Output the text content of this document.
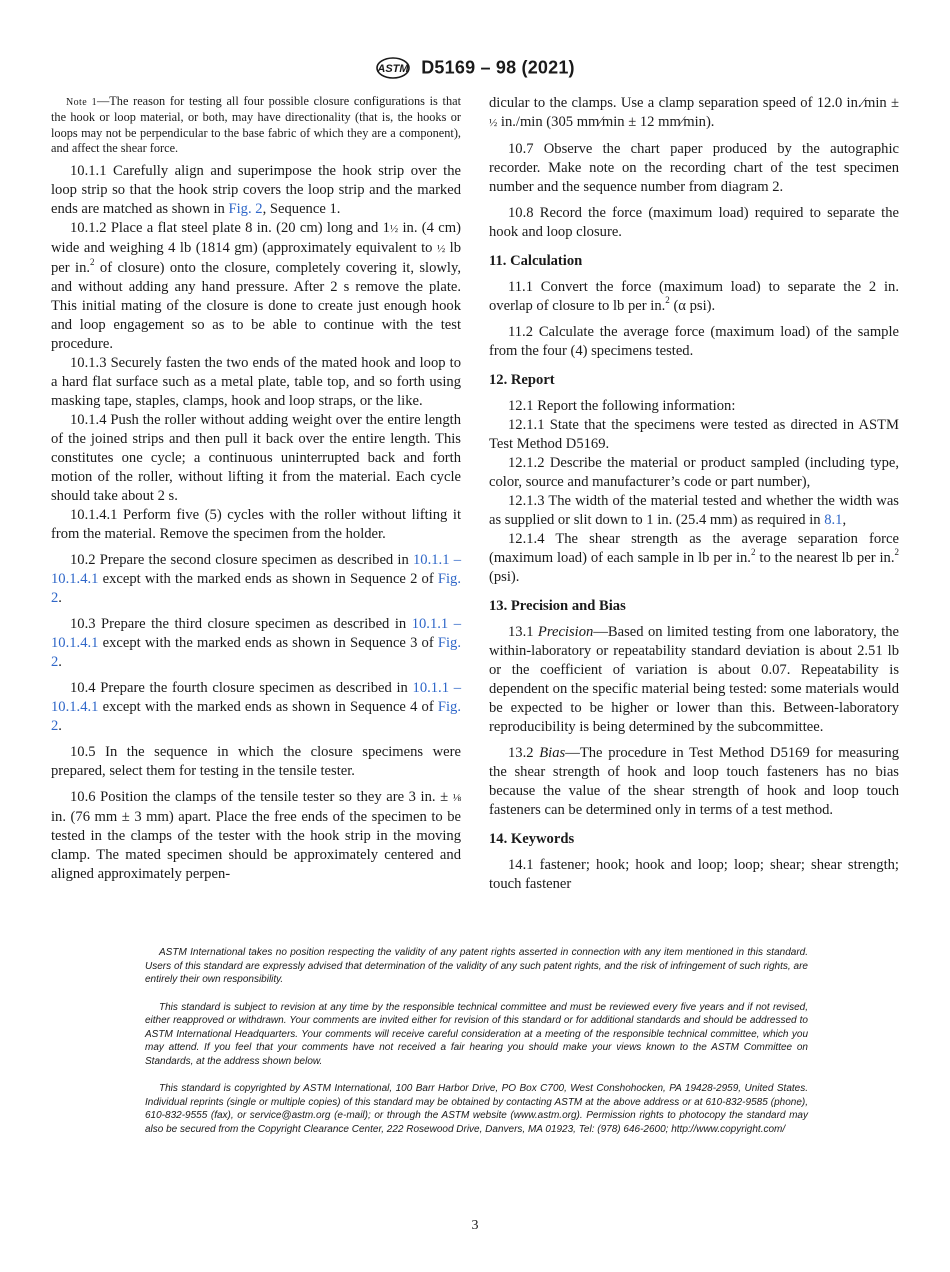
ASTM D5169 – 98 (2021)

Note 1—The reason for testing all four possible closure configurations is that the hook or loop material, or both, may have directionality (that is, the hooks or loops may not be perpendicular to the base fabric of which they are a component), and affect the shear force.

10.1.1 Carefully align and superimpose the hook strip over the loop strip so that the hook strip covers the loop strip and the marked ends are matched as shown in Fig. 2, Sequence 1.

10.1.2 Place a flat steel plate 8 in. (20 cm) long and 1½ in. (4 cm) wide and weighing 4 lb (1814 gm) (approximately equivalent to ½ lb per in.$^2$ of closure) onto the closure, completely covering it, slowly, and without adding any hand pressure. After 2 s remove the plate. This initial mating of the closure is done to create just enough hook and loop engagement so as to be able to continue with the test procedure.

10.1.3 Securely fasten the two ends of the mated hook and loop to a hard flat surface such as a metal plate, table top, and so forth using masking tape, staples, clamps, hook and loop straps, or the like.

10.1.4 Push the roller without adding weight over the entire length of the joined strips and then pull it back over the entire length. This constitutes one cycle; a continuous uninterrupted back and forth motion of the roller, without lifting it from the material. Each cycle should take about 2 s.

10.1.4.1 Perform five (5) cycles with the roller without lifting it from the material. Remove the specimen from the holder.

10.2 Prepare the second closure specimen as described in 10.1.1 – 10.1.4.1 except with the marked ends as shown in Sequence 2 of Fig. 2.

10.3 Prepare the third closure specimen as described in 10.1.1 – 10.1.4.1 except with the marked ends as shown in Sequence 3 of Fig. 2.

10.4 Prepare the fourth closure specimen as described in 10.1.1 – 10.1.4.1 except with the marked ends as shown in Sequence 4 of Fig. 2.

10.5 In the sequence in which the closure specimens were prepared, select them for testing in the tensile tester.

10.6 Position the clamps of the tensile tester so they are 3 in. ± ⅛ in. (76 mm ± 3 mm) apart. Place the free ends of the specimen to be tested in the clamps of the tester with the hook strip in the moving clamp. The mated specimen should be approximately centered and aligned approximately perpen-

dicular to the clamps. Use a clamp separation speed of 12.0 in.⁄min ± ½ in./min (305 mm⁄min ± 12 mm⁄min).

10.7 Observe the chart paper produced by the autographic recorder. Make note on the recording chart of the test specimen number and the sequence number from diagram 2.

10.8 Record the force (maximum load) required to separate the hook and loop closure.

11. Calculation

11.1 Convert the force (maximum load) to separate the 2 in. overlap of closure to lb per in.$^2$ (α psi).

11.2 Calculate the average force (maximum load) of the sample from the four (4) specimens tested.

12. Report

12.1 Report the following information:

12.1.1 State that the specimens were tested as directed in ASTM Test Method D5169.

12.1.2 Describe the material or product sampled (including type, color, source and manufacturer’s code or part number),

12.1.3 The width of the material tested and whether the width was as supplied or slit down to 1 in. (25.4 mm) as required in 8.1,

12.1.4 The shear strength as the average separation force (maximum load) of each sample in lb per in.$^2$ to the nearest lb per in.$^2$ (psi).

13. Precision and Bias

13.1 Precision—Based on limited testing from one laboratory, the within-laboratory or repeatability standard deviation is about 2.51 lb or the coefficient of variation is about 0.07. Repeatability is dependent on the specific material being tested: some materials would be expected to be higher or lower than this. Between-laboratory reproducibility is being determined by the subcommittee.

13.2 Bias—The procedure in Test Method D5169 for measuring the shear strength of hook and loop touch fasteners has no bias because the value of the shear strength of hook and loop touch fasteners can be determined only in terms of a test method.

14. Keywords

14.1 fastener; hook; hook and loop; loop; shear; shear strength; touch fastener

ASTM International takes no position respecting the validity of any patent rights asserted in connection with any item mentioned in this standard. Users of this standard are expressly advised that determination of the validity of any such patent rights, and the risk of infringement of such rights, are entirely their own responsibility.

This standard is subject to revision at any time by the responsible technical committee and must be reviewed every five years and if not revised, either reapproved or withdrawn. Your comments are invited either for revision of this standard or for additional standards and should be addressed to ASTM International Headquarters. Your comments will receive careful consideration at a meeting of the responsible technical committee, which you may attend. If you feel that your comments have not received a fair hearing you should make your views known to the ASTM Committee on Standards, at the address shown below.

This standard is copyrighted by ASTM International, 100 Barr Harbor Drive, PO Box C700, West Conshohocken, PA 19428-2959, United States. Individual reprints (single or multiple copies) of this standard may be obtained by contacting ASTM at the above address or at 610-832-9585 (phone), 610-832-9555 (fax), or service@astm.org (e-mail); or through the ASTM website (www.astm.org). Permission rights to photocopy the standard may also be secured from the Copyright Clearance Center, 222 Rosewood Drive, Danvers, MA 01923, Tel: (978) 646-2600; http://www.copyright.com/

3
